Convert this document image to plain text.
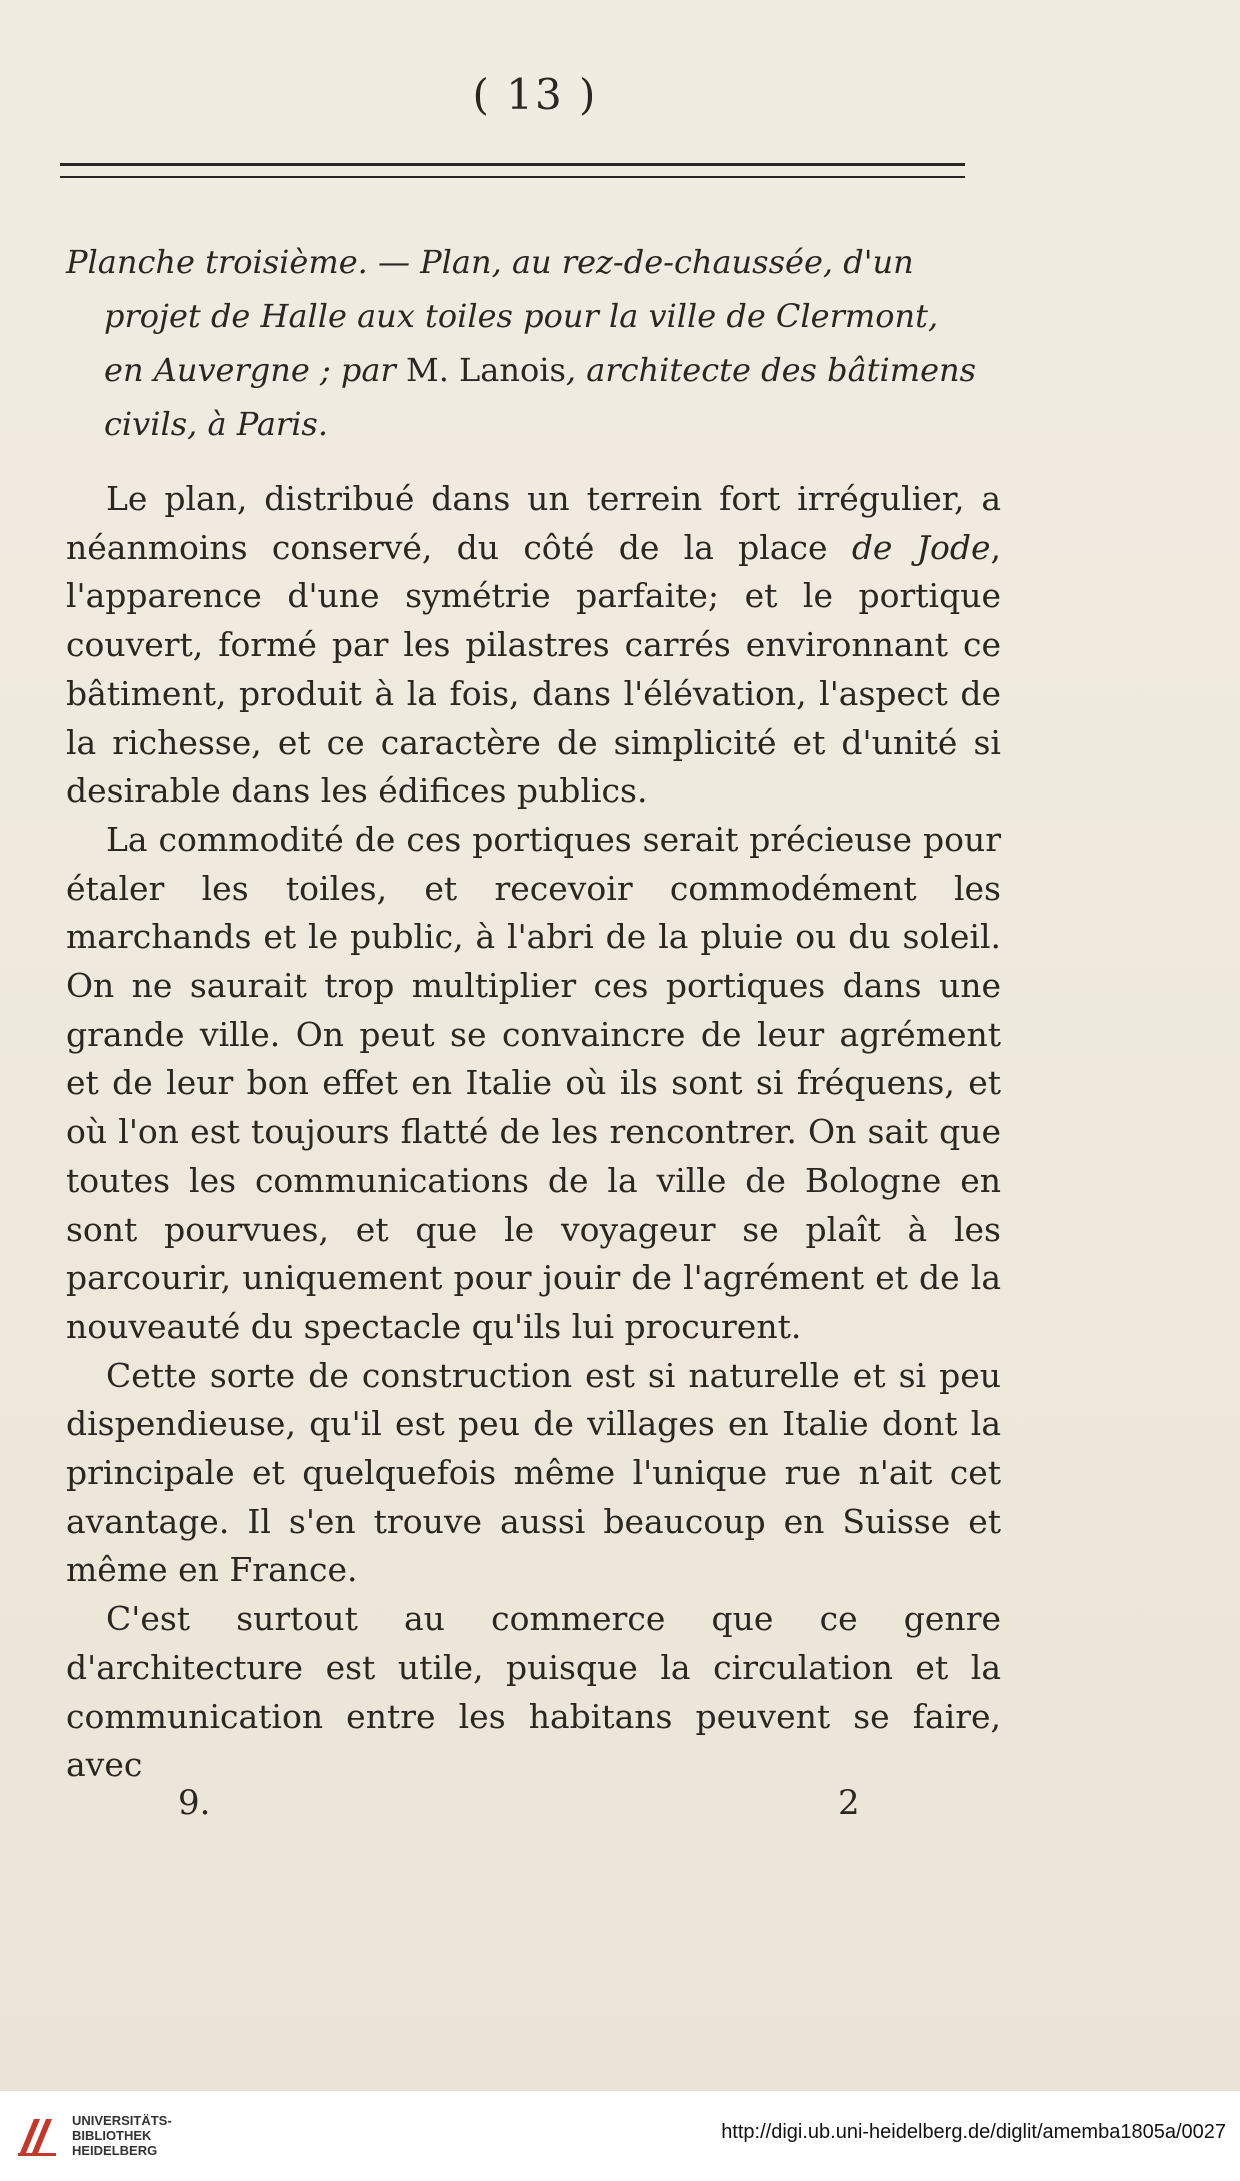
( 13 )
Planche troisième. — Plan, au rez-de-chaussée, d'un
projet de Halle aux toiles pour la ville de Clermont,
en Auvergne ; par M. Lanois, architecte des bâtimens
civils, à Paris.

Le plan, distribué dans un terrein fort irrégulier, a néanmoins conservé, du côté de la place de Jode, l'apparence d'une symétrie parfaite; et le portique couvert, formé par les pilastres carrés environnant ce bâtiment, produit à la fois, dans l'élévation, l'aspect de la richesse, et ce caractère de simplicité et d'unité si desirable dans les édifices publics.

La commodité de ces portiques serait précieuse pour étaler les toiles, et recevoir commodément les marchands et le public, à l'abri de la pluie ou du soleil. On ne saurait trop multiplier ces portiques dans une grande ville. On peut se convaincre de leur agrément et de leur bon effet en Italie où ils sont si fréquens, et où l'on est toujours flatté de les rencontrer. On sait que toutes les communications de la ville de Bologne en sont pourvues, et que le voyageur se plaît à les parcourir, uniquement pour jouir de l'agrément et de la nouveauté du spectacle qu'ils lui procurent.

Cette sorte de construction est si naturelle et si peu dispendieuse, qu'il est peu de villages en Italie dont la principale et quelquefois même l'unique rue n'ait cet avantage. Il s'en trouve aussi beaucoup en Suisse et même en France.

C'est surtout au commerce que ce genre d'architecture est utile, puisque la circulation et la communication entre les habitans peuvent se faire, avec

9.	2
UNIVERSITÄTS-
BIBLIOTHEK
HEIDELBERG
http://digi.ub.uni-heidelberg.de/diglit/amemba1805a/0027
